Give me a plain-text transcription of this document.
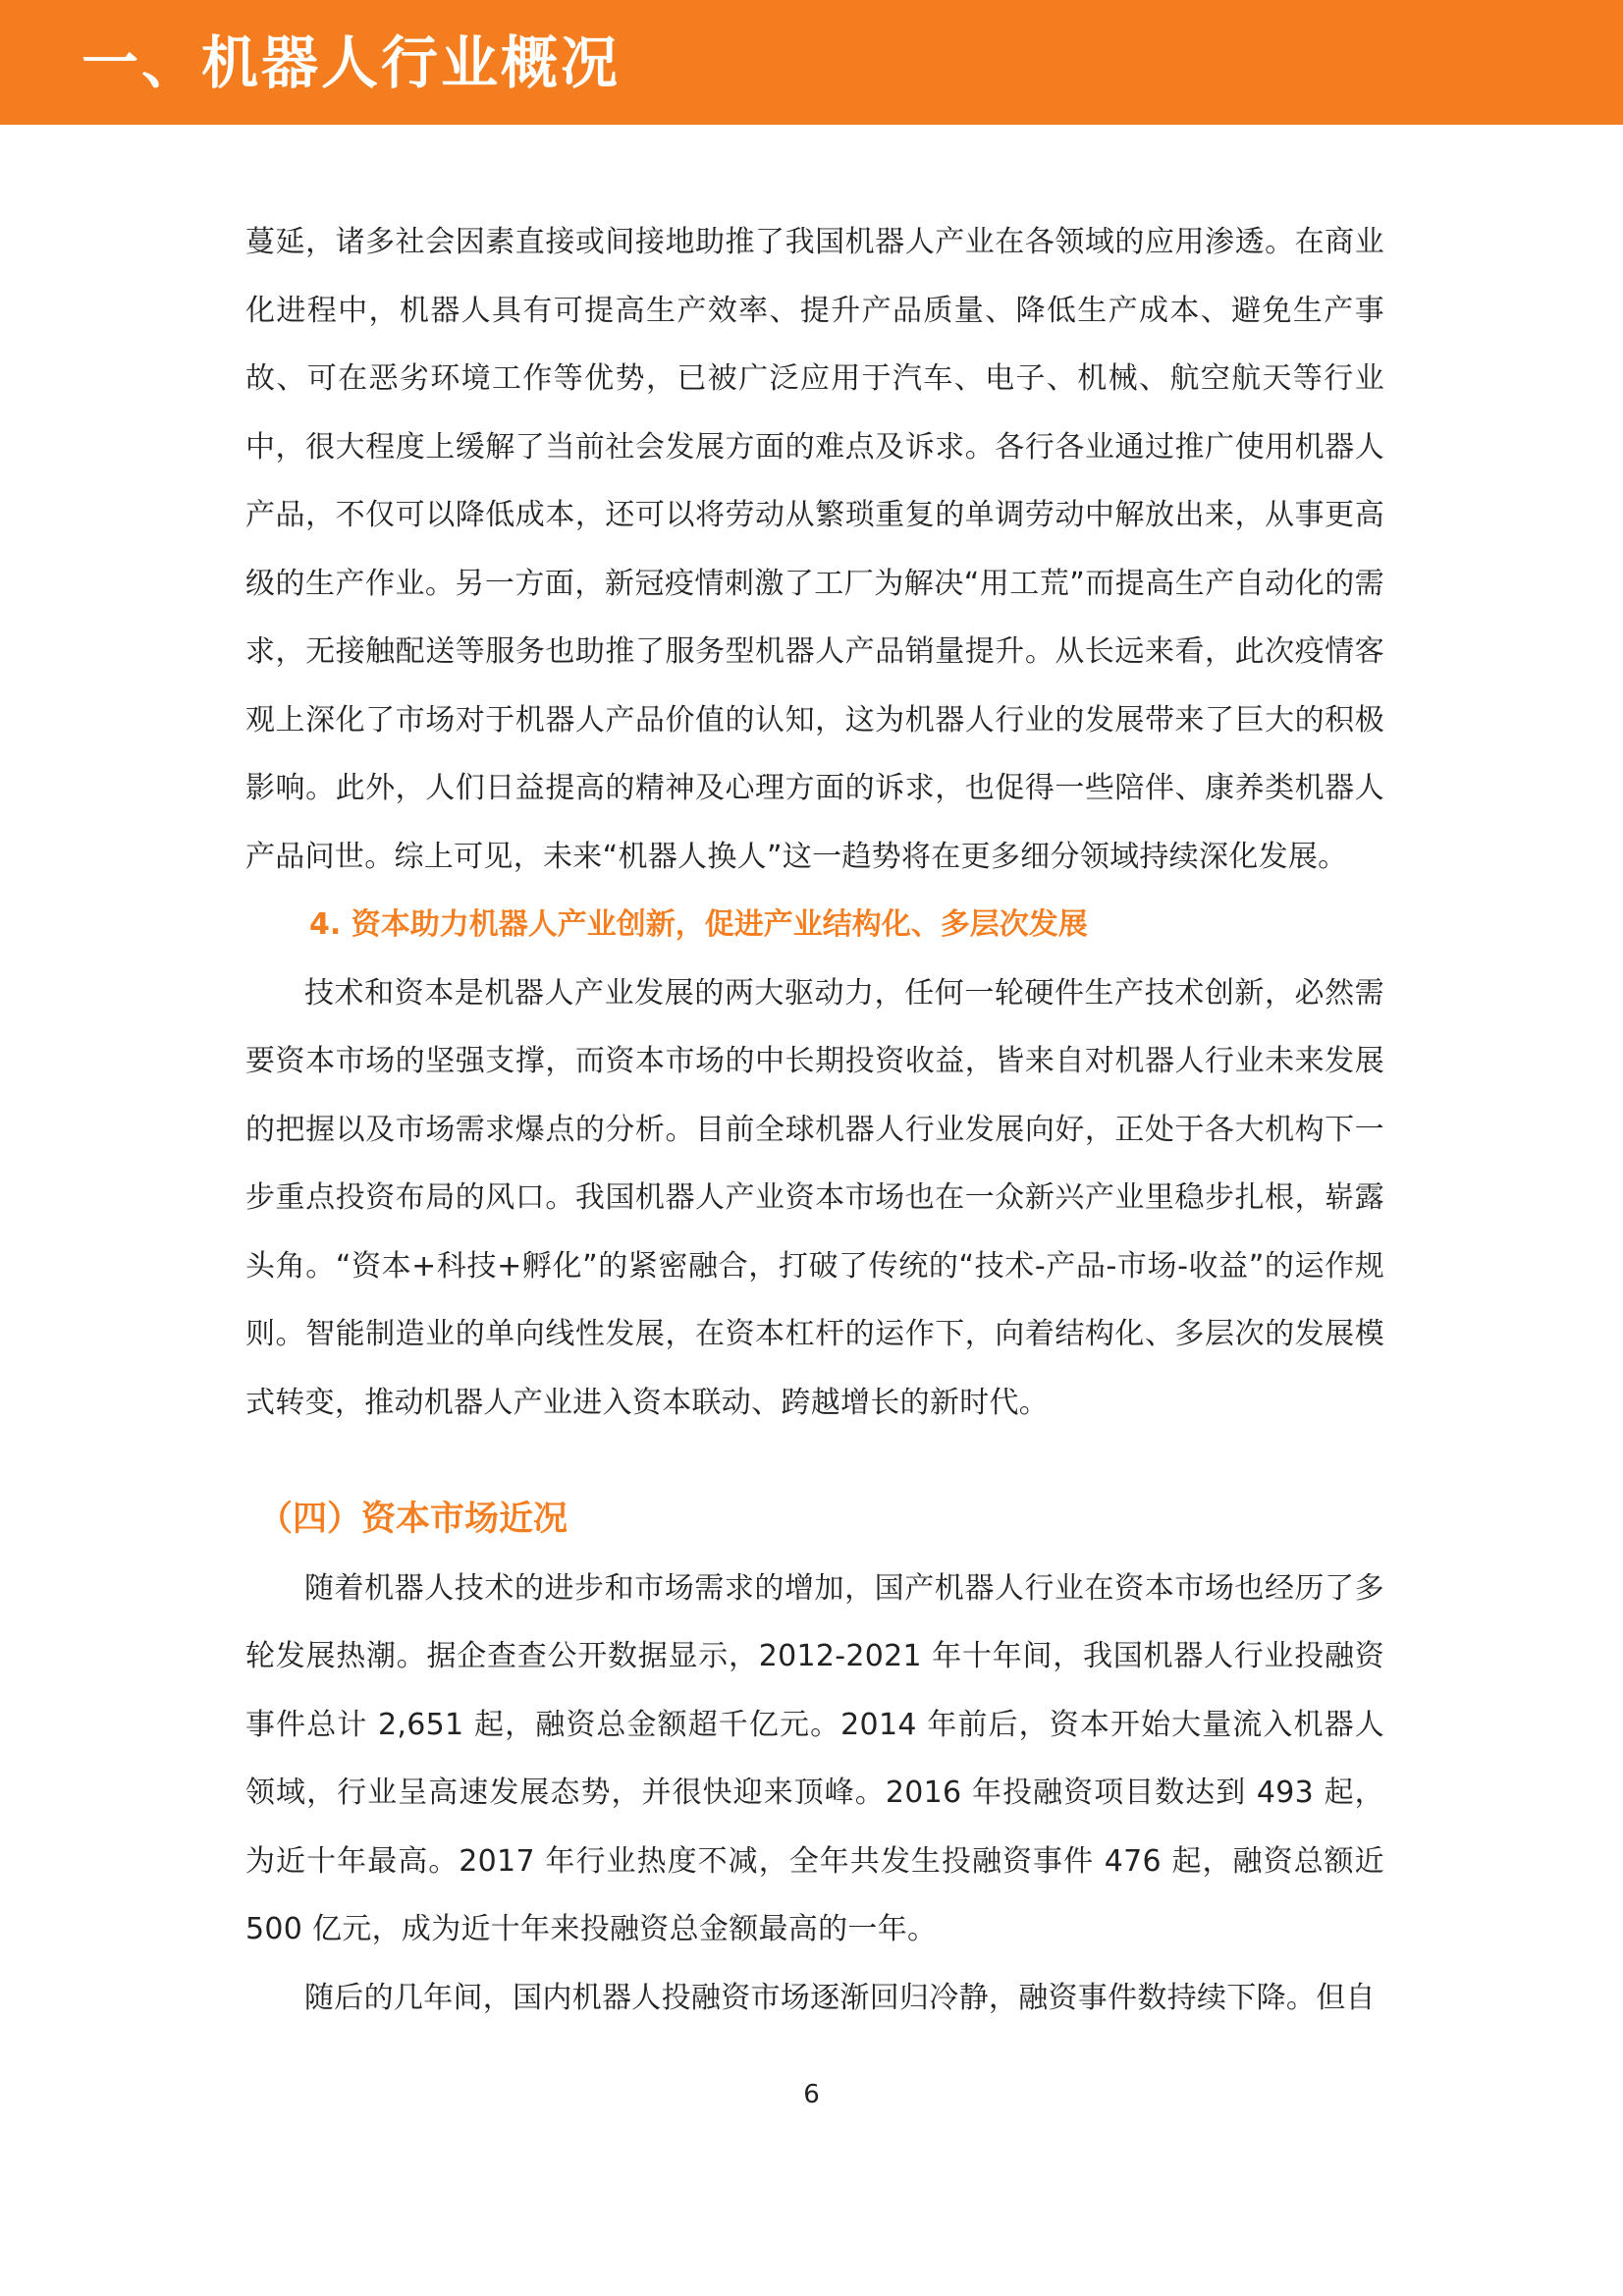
一、机器人行业概况

蔓延，诸多社会因素直接或间接地助推了我国机器人产业在各领域的应用渗透。在商业化进程中，机器人具有可提高生产效率、提升产品质量、降低生产成本、避免生产事故、可在恶劣环境工作等优势，已被广泛应用于汽车、电子、机械、航空航天等行业中，很大程度上缓解了当前社会发展方面的难点及诉求。各行各业通过推广使用机器人产品，不仅可以降低成本，还可以将劳动从繁琐重复的单调劳动中解放出来，从事更高级的生产作业。另一方面，新冠疫情刺激了工厂为解决“用工荒”而提高生产自动化的需求，无接触配送等服务也助推了服务型机器人产品销量提升。从长远来看，此次疫情客观上深化了市场对于机器人产品价值的认知，这为机器人行业的发展带来了巨大的积极影响。此外，人们日益提高的精神及心理方面的诉求，也促得一些陪伴、康养类机器人产品问世。综上可见，未来“机器人换人”这一趋势将在更多细分领域持续深化发展。

4. 资本助力机器人产业创新，促进产业结构化、多层次发展

技术和资本是机器人产业发展的两大驱动力，任何一轮硬件生产技术创新，必然需要资本市场的坚强支撑，而资本市场的中长期投资收益，皆来自对机器人行业未来发展的把握以及市场需求爆点的分析。目前全球机器人行业发展向好，正处于各大机构下一步重点投资布局的风口。我国机器人产业资本市场也在一众新兴产业里稳步扎根，崭露头角。“资本+科技+孵化”的紧密融合，打破了传统的“技术-产品-市场-收益”的运作规则。智能制造业的单向线性发展，在资本杠杆的运作下，向着结构化、多层次的发展模式转变，推动机器人产业进入资本联动、跨越增长的新时代。

（四）资本市场近况

随着机器人技术的进步和市场需求的增加，国产机器人行业在资本市场也经历了多轮发展热潮。据企查查公开数据显示，2012-2021 年十年间，我国机器人行业投融资事件总计 2,651 起，融资总金额超千亿元。2014 年前后，资本开始大量流入机器人领域，行业呈高速发展态势，并很快迎来顶峰。2016 年投融资项目数达到 493 起，为近十年最高。2017 年行业热度不减，全年共发生投融资事件 476 起，融资总额近 500 亿元，成为近十年来投融资总金额最高的一年。

随后的几年间，国内机器人投融资市场逐渐回归冷静，融资事件数持续下降。但自

6
